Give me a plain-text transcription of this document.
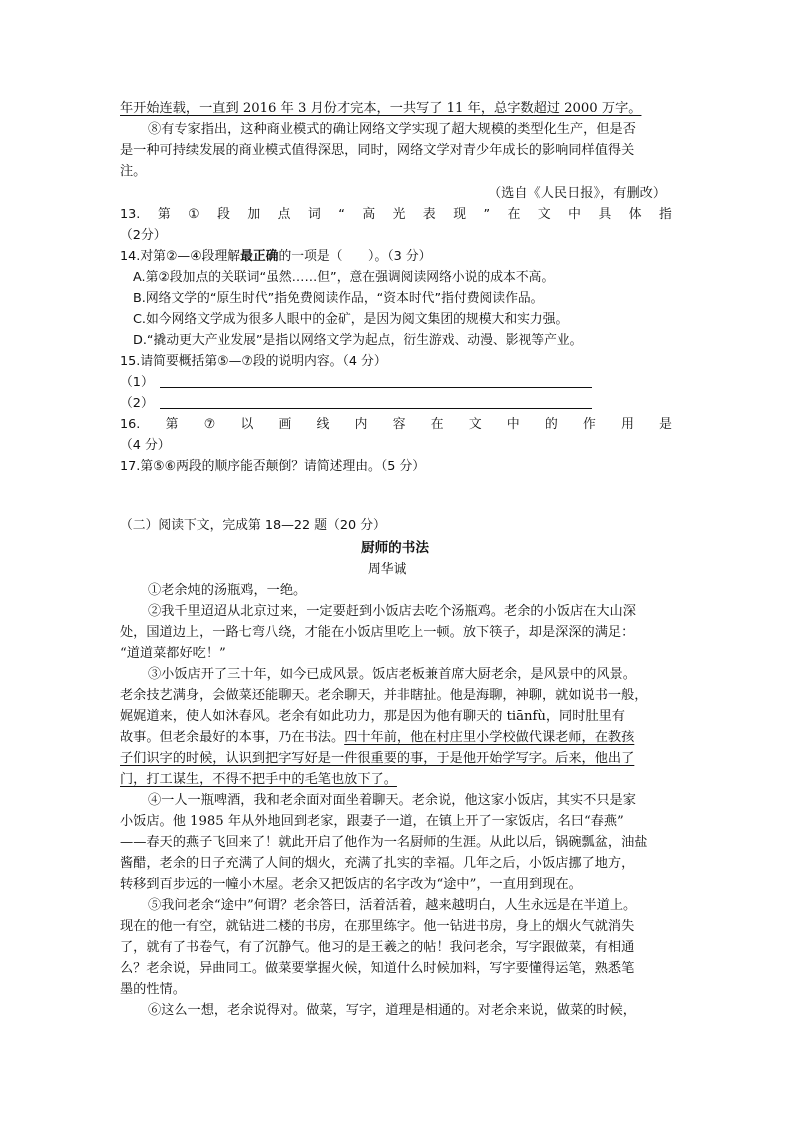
年开始连载，一直到 2016 年 3 月份才完本，一共写了 11 年，总字数超过 2000 万字。
⑧有专家指出，这种商业模式的确让网络文学实现了超大规模的类型化生产，但是否
是一种可持续发展的商业模式值得深思，同时，网络文学对青少年成长的影响同样值得关
注。
（选自《人民日报》，有删改）
13. 第 ① 段 加 点 词 “ 高 光 表 现 ” 在 文 中 具 体 指
（2分）
14.对第②—④段理解最正确的一项是（　　）。（3 分）
A.第②段加点的关联词“虽然……但”，意在强调阅读网络小说的成本不高。
B.网络文学的“原生时代”指免费阅读作品，“资本时代”指付费阅读作品。
C.如今网络文学成为很多人眼中的金矿，是因为阅文集团的规模大和实力强。
D.“撬动更大产业发展”是指以网络文学为起点，衍生游戏、动漫、影视等产业。
15.请简要概括第⑤—⑦段的说明内容。（4 分）
（1）
（2）
16. 第 ⑦ 以 画 线 内 容 在 文 中 的 作 用 是
（4 分）
17.第⑤⑥两段的顺序能否颠倒？请简述理由。（5 分）
（二）阅读下文，完成第 18—22 题（20 分）
厨师的书法
周华诚
①老余炖的汤瓶鸡，一绝。
②我千里迢迢从北京过来，一定要赶到小饭店去吃个汤瓶鸡。老余的小饭店在大山深
处，国道边上，一路七弯八绕，才能在小饭店里吃上一顿。放下筷子，却是深深的满足：
“道道菜都好吃！”
③小饭店开了三十年，如今已成风景。饭店老板兼首席大厨老余，是风景中的风景。
老余技艺满身，会做菜还能聊天。老余聊天，并非瞎扯。他是海聊，神聊，就如说书一般，
娓娓道来，使人如沐春风。老余有如此功力，那是因为他有聊天的 tiānfù，同时肚里有
故事。但老余最好的本事，乃在书法。四十年前，他在村庄里小学校做代课老师，在教孩
子们识字的时候，认识到把字写好是一件很重要的事，于是他开始学写字。后来，他出了
门，打工谋生，不得不把手中的毛笔也放下了。
④一人一瓶啤酒，我和老余面对面坐着聊天。老余说，他这家小饭店，其实不只是家
小饭店。他 1985 年从外地回到老家，跟妻子一道，在镇上开了一家饭店，名曰“春燕”
——春天的燕子飞回来了！就此开启了他作为一名厨师的生涯。从此以后，锅碗瓢盆，油盐
酱醋，老余的日子充满了人间的烟火，充满了扎实的幸福。几年之后，小饭店挪了地方，
转移到百步远的一幢小木屋。老余又把饭店的名字改为“途中”，一直用到现在。
⑤我问老余“途中”何谓？老余答曰，活着活着，越来越明白，人生永远是在半道上。
现在的他一有空，就钻进二楼的书房，在那里练字。他一钻进书房，身上的烟火气就消失
了，就有了书卷气，有了沉静气。他习的是王羲之的帖！我问老余，写字跟做菜，有相通
么？老余说，异曲同工。做菜要掌握火候，知道什么时候加料，写字要懂得运笔，熟悉笔
墨的性情。
⑥这么一想，老余说得对。做菜，写字，道理是相通的。对老余来说，做菜的时候，
